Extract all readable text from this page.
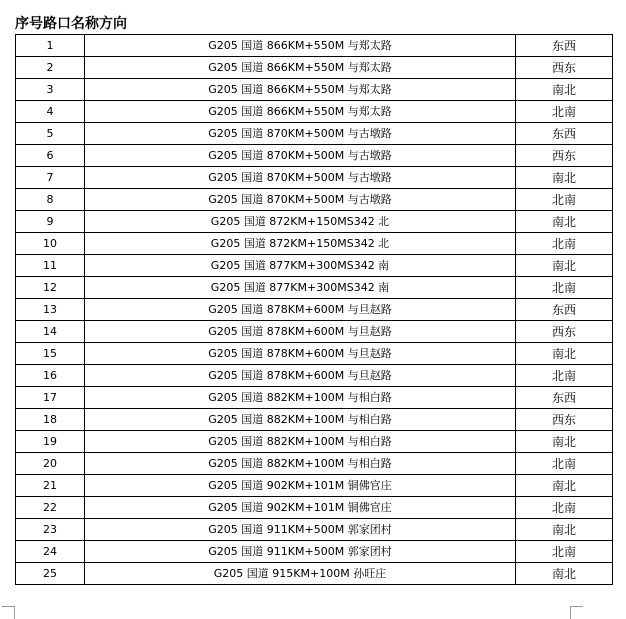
序号路口名称方向
1	G205 国道 866KM+550M 与郑太路	东西
2	G205 国道 866KM+550M 与郑太路	西东
3	G205 国道 866KM+550M 与郑太路	南北
4	G205 国道 866KM+550M 与郑太路	北南
5	G205 国道 870KM+500M 与古墩路	东西
6	G205 国道 870KM+500M 与古墩路	西东
7	G205 国道 870KM+500M 与古墩路	南北
8	G205 国道 870KM+500M 与古墩路	北南
9	G205 国道 872KM+150MS342 北	南北
10	G205 国道 872KM+150MS342 北	北南
11	G205 国道 877KM+300MS342 南	南北
12	G205 国道 877KM+300MS342 南	北南
13	G205 国道 878KM+600M 与旦赵路	东西
14	G205 国道 878KM+600M 与旦赵路	西东
15	G205 国道 878KM+600M 与旦赵路	南北
16	G205 国道 878KM+600M 与旦赵路	北南
17	G205 国道 882KM+100M 与相白路	东西
18	G205 国道 882KM+100M 与相白路	西东
19	G205 国道 882KM+100M 与相白路	南北
20	G205 国道 882KM+100M 与相白路	北南
21	G205 国道 902KM+101M 铜佛官庄	南北
22	G205 国道 902KM+101M 铜佛官庄	北南
23	G205 国道 911KM+500M 郭家团村	南北
24	G205 国道 911KM+500M 郭家团村	北南
25	G205 国道 915KM+100M 孙旺庄	南北
